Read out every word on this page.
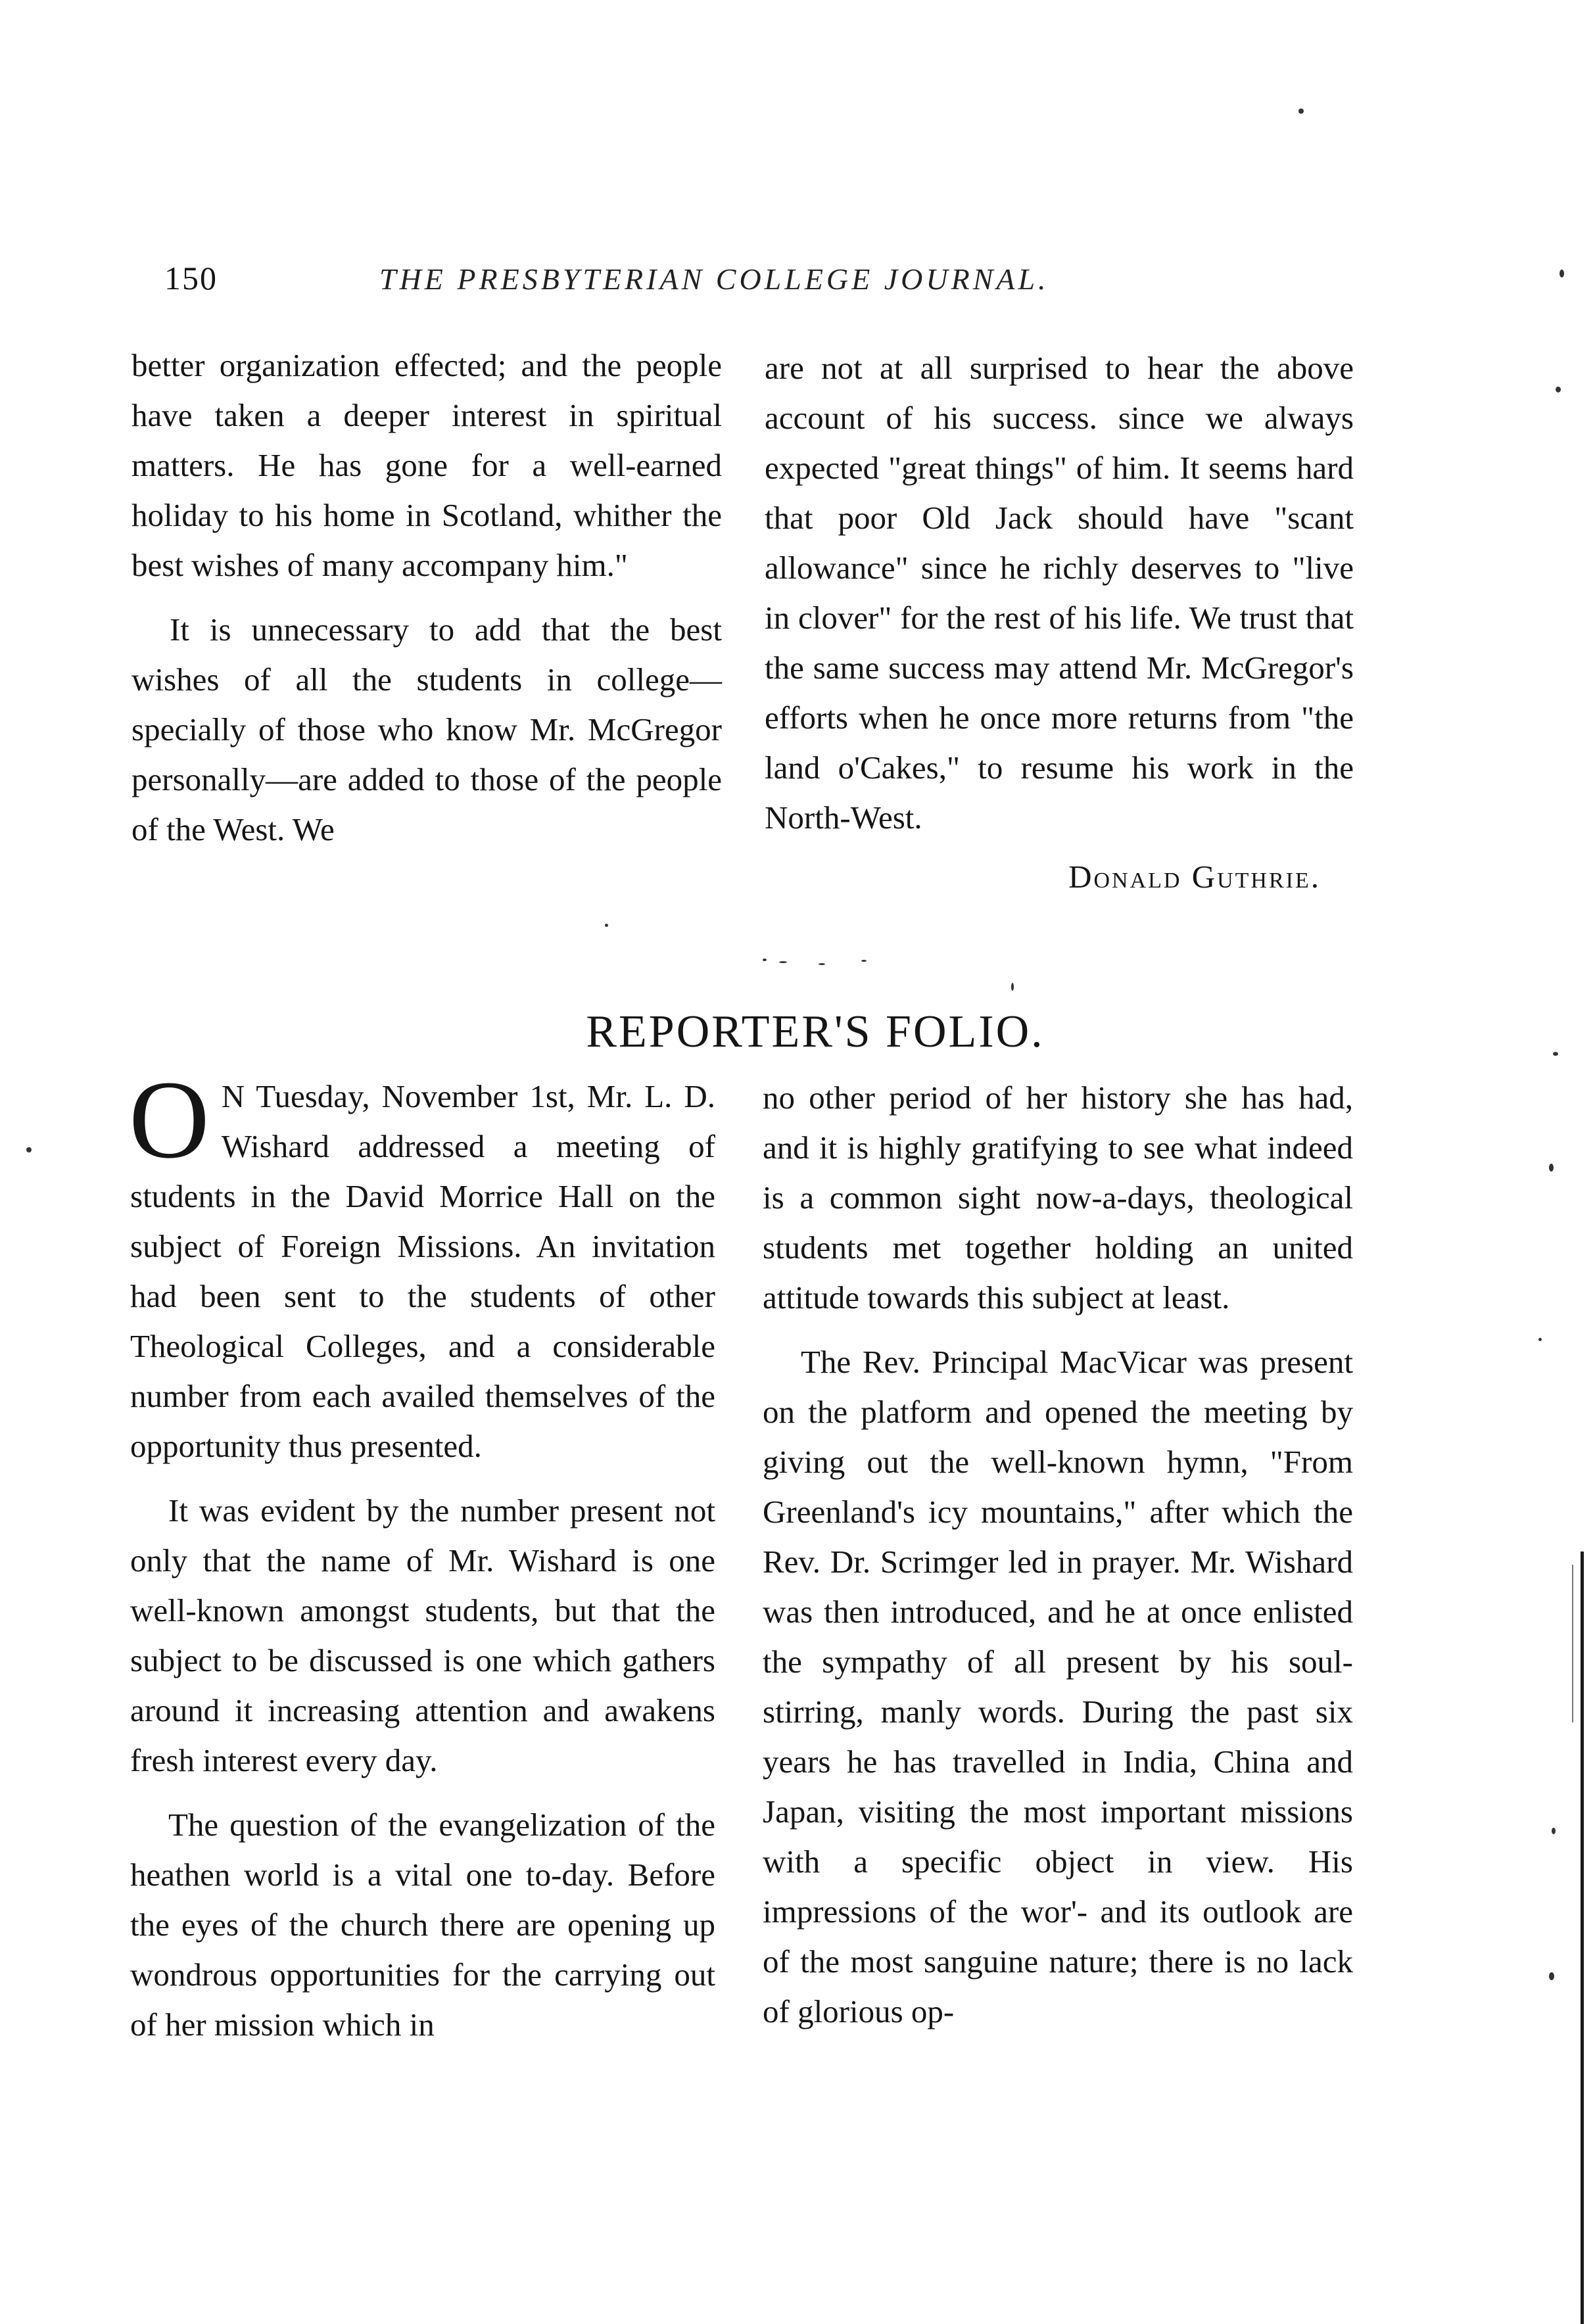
150	THE PRESBYTERIAN COLLEGE JOURNAL.

better organization effected; and the people have taken a deeper interest in spiritual matters. He has gone for a well-earned holiday to his home in Scotland, whither the best wishes of many accompany him."

It is unnecessary to add that the best wishes of all the students in college—specially of those who know Mr. McGregor personally—are added to those of the people of the West. We

are not at all surprised to hear the above account of his success. since we always expected "great things" of him. It seems hard that poor Old Jack should have "scant allowance" since he richly deserves to "live in clover" for the rest of his life. We trust that the same success may attend Mr. McGregor's efforts when he once more returns from "the land o'Cakes," to resume his work in the North-West.

Donald Guthrie.
REPORTER'S FOLIO.

O N Tuesday, November 1st, Mr. L. D. Wishard addressed a meeting of students in the David Morrice Hall on the subject of Foreign Missions. An invitation had been sent to the students of other Theological Colleges, and a considerable number from each availed themselves of the opportunity thus presented.

It was evident by the number present not only that the name of Mr. Wishard is one well-known amongst students, but that the subject to be discussed is one which gathers around it increasing attention and awakens fresh interest every day.

The question of the evangelization of the heathen world is a vital one to-day. Before the eyes of the church there are opening up wondrous opportunities for the carrying out of her mission which in

no other period of her history she has had, and it is highly gratifying to see what indeed is a common sight now-a-days, theological students met together holding an united attitude towards this subject at least.

The Rev. Principal MacVicar was present on the platform and opened the meeting by giving out the well-known hymn, "From Greenland's icy mountains," after which the Rev. Dr. Scrimger led in prayer. Mr. Wishard was then introduced, and he at once enlisted the sympathy of all present by his soul-stirring, manly words. During the past six years he has travelled in India, China and Japan, visiting the most important missions with a specific object in view. His impressions of the wor'- and its outlook are of the most sanguine nature; there is no lack of glorious op-
